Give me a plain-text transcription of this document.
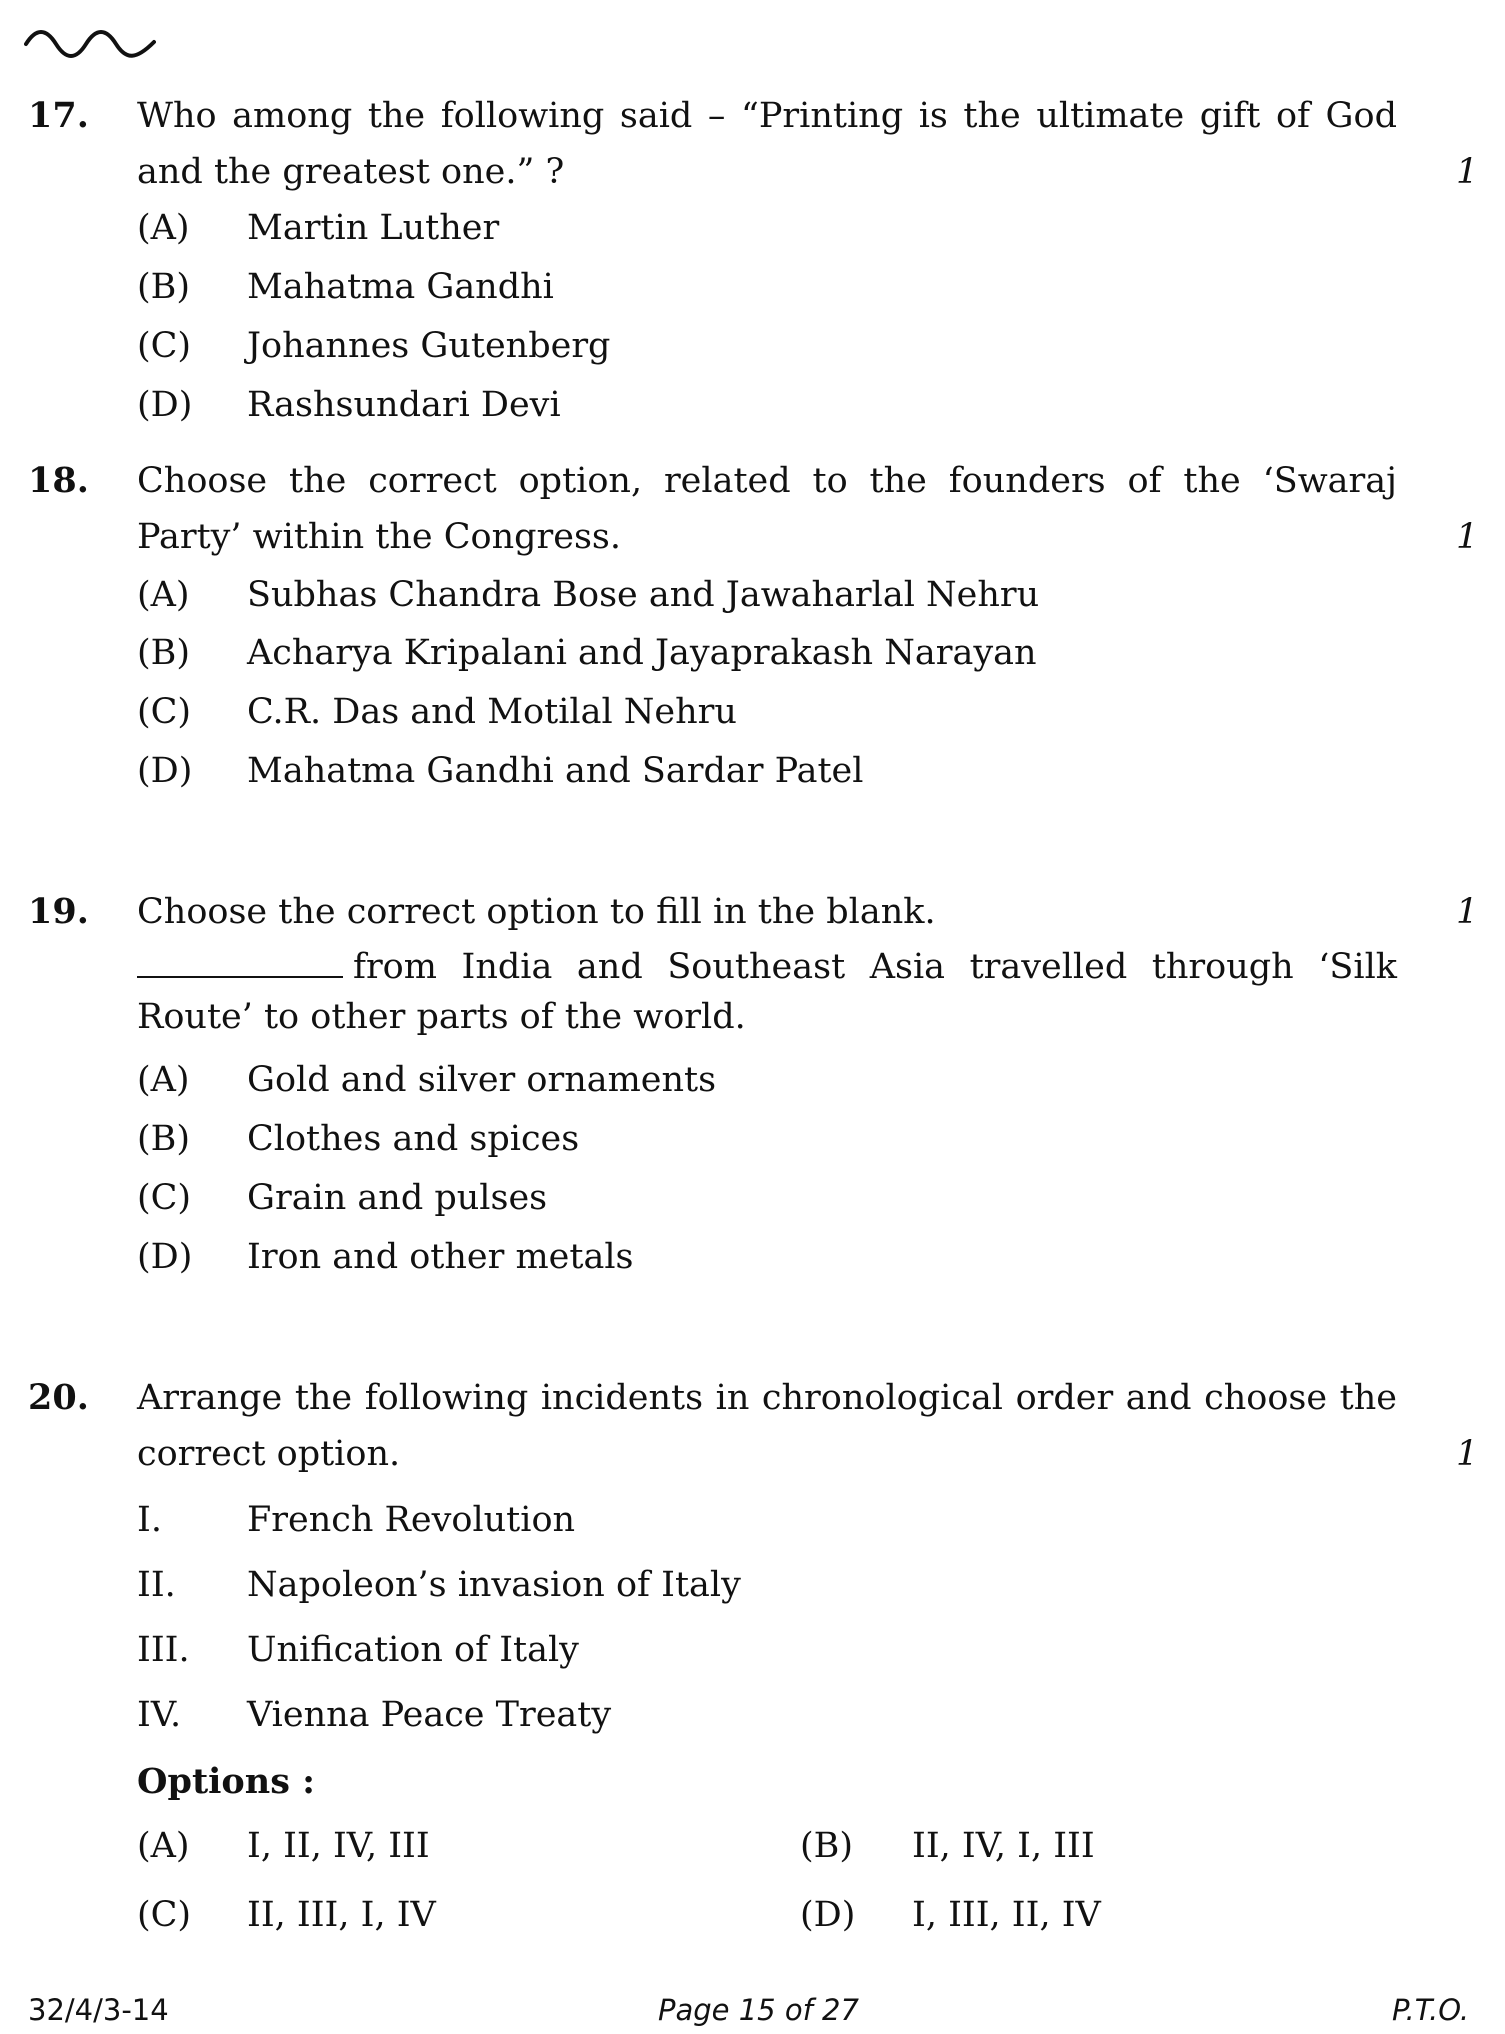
17. Who among the following said – “Printing is the ultimate gift of God and the greatest one.” ?	1
(A) Martin Luther
(B) Mahatma Gandhi
(C) Johannes Gutenberg
(D) Rashsundari Devi
18. Choose the correct option, related to the founders of the ‘Swaraj Party’ within the Congress.	1
(A) Subhas Chandra Bose and Jawaharlal Nehru
(B) Acharya Kripalani and Jayaprakash Narayan
(C) C.R. Das and Motilal Nehru
(D) Mahatma Gandhi and Sardar Patel
19. Choose the correct option to fill in the blank.	1
from India and Southeast Asia travelled through ‘Silk Route’ to other parts of the world.
(A) Gold and silver ornaments
(B) Clothes and spices
(C) Grain and pulses
(D) Iron and other metals
20. Arrange the following incidents in chronological order and choose the correct option.	1
I. French Revolution
II. Napoleon’s invasion of Italy
III. Unification of Italy
IV. Vienna Peace Treaty
(A) I, II, IV, III	(B) II, IV, I, III
(C) II, III, I, IV	(D) I, III, II, IV
Options :
32/4/3-14	Page 15 of 27	P.T.O.
